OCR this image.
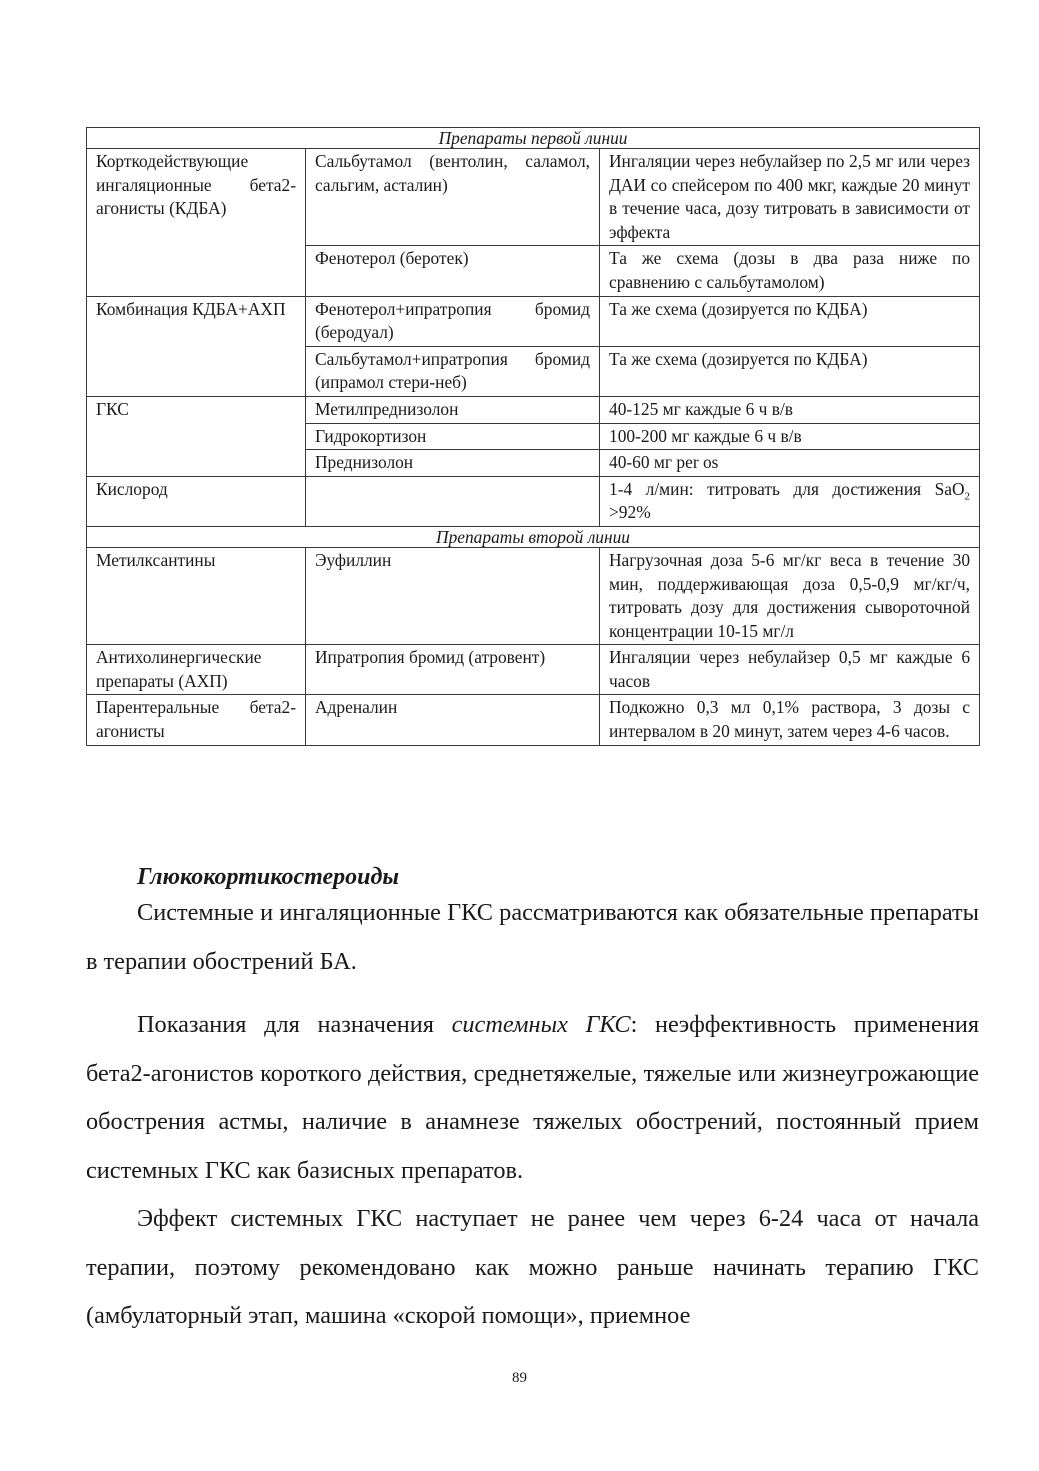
Препараты первой линии		
Корткодействующие ингаляционные бета2-агонисты (КДБА)	Сальбутамол (вентолин, саламол, сальгим, асталин)	Ингаляции через небулайзер по 2,5 мг или через ДАИ со спейсером по 400 мкг, каждые 20 минут в течение часа, дозу титровать в зависимости от эффекта
	Фенотерол (беротек)	Та же схема (дозы в два раза ниже по сравнению с сальбутамолом)
Комбинация КДБА+АХП	Фенотерол+ипратропия бромид (беродуал)	Та же схема (дозируется по КДБА)
	Сальбутамол+ипратропия бромид (ипрамол стери-неб)	Та же схема (дозируется по КДБА)
ГКС	Метилпреднизолон	40-125 мг каждые 6 ч в/в
	Гидрокортизон	100-200 мг каждые 6 ч в/в
	Преднизолон	40-60 мг per os
Кислород		1-4 л/мин: титровать для достижения SaO$_2$ >92%
Препараты второй линии		
Метилксантины	Эуфиллин	Нагрузочная доза 5-6 мг/кг веса в течение 30 мин, поддерживающая доза 0,5-0,9 мг/кг/ч, титровать дозу для достижения сывороточной концентрации 10-15 мг/л
Антихолинергические препараты (АХП)	Ипратропия бромид (атровент)	Ингаляции через небулайзер 0,5 мг каждые 6 часов
Парентеральные бета2-агонисты	Адреналин	Подкожно 0,3 мл 0,1% раствора, 3 дозы с интервалом в 20 минут, затем через 4-6 часов.
Глюкокортикостероиды

Системные и ингаляционные ГКС рассматриваются как обязательные препараты в терапии обострений БА.

Показания для назначения системных ГКС: неэффективность применения бета2-агонистов короткого действия, среднетяжелые, тяжелые или жизнеугрожающие обострения астмы, наличие в анамнезе тяжелых обострений, постоянный прием системных ГКС как базисных препаратов.

Эффект системных ГКС наступает не ранее чем через 6-24 часа от начала терапии, поэтому рекомендовано как можно раньше начинать терапию ГКС (амбулаторный этап, машина «скорой помощи», приемное

89
